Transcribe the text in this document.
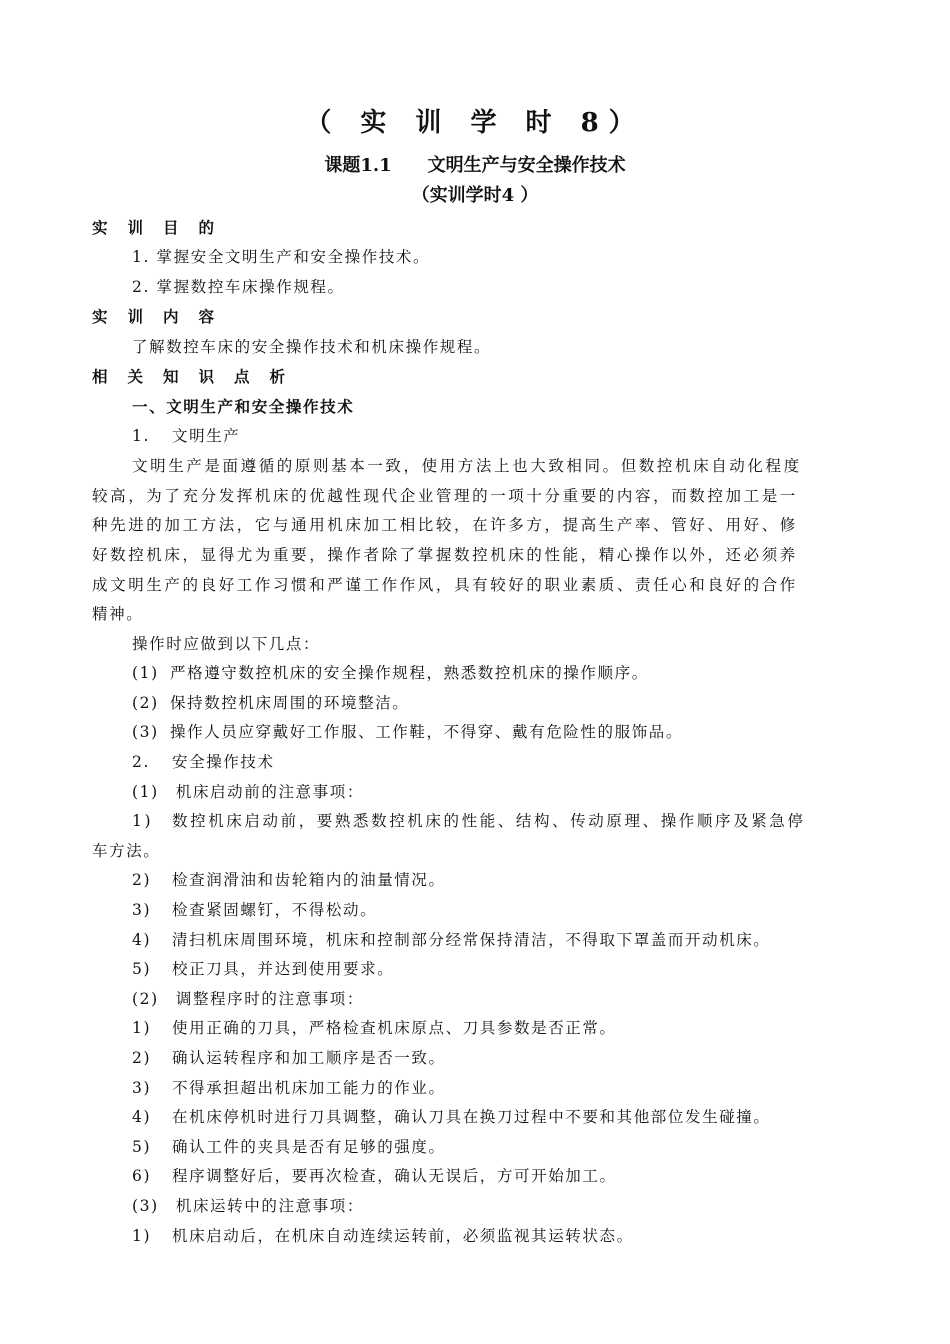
（ 实 训 学 时 8）
课题1.1　　文明生产与安全操作技术
（实训学时4 ）
实训目的
1. 掌握安全文明生产和安全操作技术。
2. 掌握数控车床操作规程。
实训内容
了解数控车床的安全操作技术和机床操作规程。
相关知识点析
一、文明生产和安全操作技术
1. 文明生产
文明生产是面遵循的原则基本一致，使用方法上也大致相同。但数控机床自动化程度
较高，为了充分发挥机床的优越性现代企业管理的一项十分重要的内容，而数控加工是一
种先进的加工方法，它与通用机床加工相比较，在许多方，提高生产率、管好、用好、修
好数控机床，显得尤为重要，操作者除了掌握数控机床的性能，精心操作以外，还必须养
成文明生产的良好工作习惯和严谨工作作风，具有较好的职业素质、责任心和良好的合作
精神。
操作时应做到以下几点：
(1) 严格遵守数控机床的安全操作规程，熟悉数控机床的操作顺序。
(2) 保持数控机床周围的环境整洁。
(3) 操作人员应穿戴好工作服、工作鞋，不得穿、戴有危险性的服饰品。
2. 安全操作技术
(1)　机床启动前的注意事项：
1) 数控机床启动前，要熟悉数控机床的性能、结构、传动原理、操作顺序及紧急停
车方法。
2) 检查润滑油和齿轮箱内的油量情况。
3) 检查紧固螺钉，不得松动。
4) 清扫机床周围环境，机床和控制部分经常保持清洁，不得取下罩盖而开动机床。
5) 校正刀具，并达到使用要求。
(2)　调整程序时的注意事项：
1) 使用正确的刀具，严格检查机床原点、刀具参数是否正常。
2) 确认运转程序和加工顺序是否一致。
3) 不得承担超出机床加工能力的作业。
4) 在机床停机时进行刀具调整，确认刀具在换刀过程中不要和其他部位发生碰撞。
5) 确认工件的夹具是否有足够的强度。
6) 程序调整好后，要再次检查，确认无误后，方可开始加工。
(3)　机床运转中的注意事项：
1) 机床启动后，在机床自动连续运转前，必须监视其运转状态。
